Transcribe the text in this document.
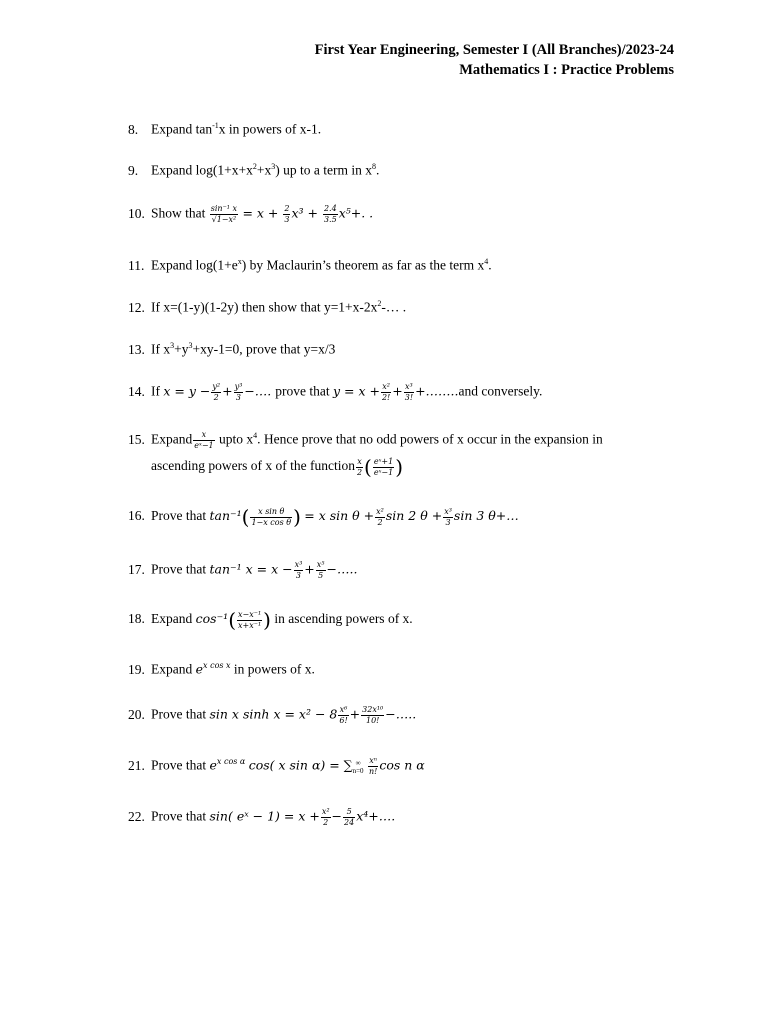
First Year Engineering, Semester I (All Branches)/2023-24
Mathematics I : Practice Problems
8. Expand $\tan^{-1}x$ in powers of x-1.
9. Expand $\log(1+x+x^2+x^3)$ up to a term in $x^8$.
10. Show that $\frac{\text{sin⁻¹ x}}{\text{√1−x²}} = x + \frac{2}{3} x^3 + \frac{2.4}{3.5} x^5+$. .
11. Expand $\log(1+e^x)$ by Maclaurin’s theorem as far as the term $x^4$.
12. If x=(1-y)(1-2y) then show that $y=1+x-2x^2-\dots$ .
13. If $x^3+y^3+xy-1=0$, prove that y=x/3
14. If $x = y - \frac{\text{y²}}{2} + \frac{\text{y³}}{3}$ −…. prove that $y = x + \frac{\text{x²}}{2!} + \frac{\text{x³}}{3!}$ +……..and conversely.
15. Expand $\frac{x}{\text{eˣ−1}}$ upto $x^4$. Hence prove that no odd powers of x occur in the expansion in
ascending powers of x of the function $\frac{x}{2}$ ( $\frac{\text{eˣ+1}}{\text{eˣ−1}}$ )
16. Prove that $\tan^{-1}( \frac{\text{x sin θ}}{\text{1−x cos θ}}$ ) = x $\sin \theta + \frac{\text{x²}}{2}$ sin 2 $\theta + \frac{\text{x³}}{3}$ sin 3 θ+…
17. Prove that tan⁻¹ $x = x - \frac{\text{x³}}{3} + \frac{\text{x⁵}}{5}$ −…..
18. Expand $\cos^{-1}( \frac{\text{x−x⁻¹}}{\text{x+x⁻¹}}$ ) in ascending powers of x.
19. Expand $e^{x cos x}$ in powers of x.
20. Prove that sin x $\sinh x = x^2 - 8 \frac{\text{x⁶}}{6!} + \frac{\text{32x¹⁰}}{10!}$ −…..
21. Prove that $e^{x cos \alpha}$ cos( x sin α) = ∑ ∞
n=0
$\frac{\text{xⁿ}}{n!}$ cos n α
22. Prove that sin( eˣ − $1) = x + \frac{\text{x²}}{2} - \frac{5}{24}$ x⁴+….
